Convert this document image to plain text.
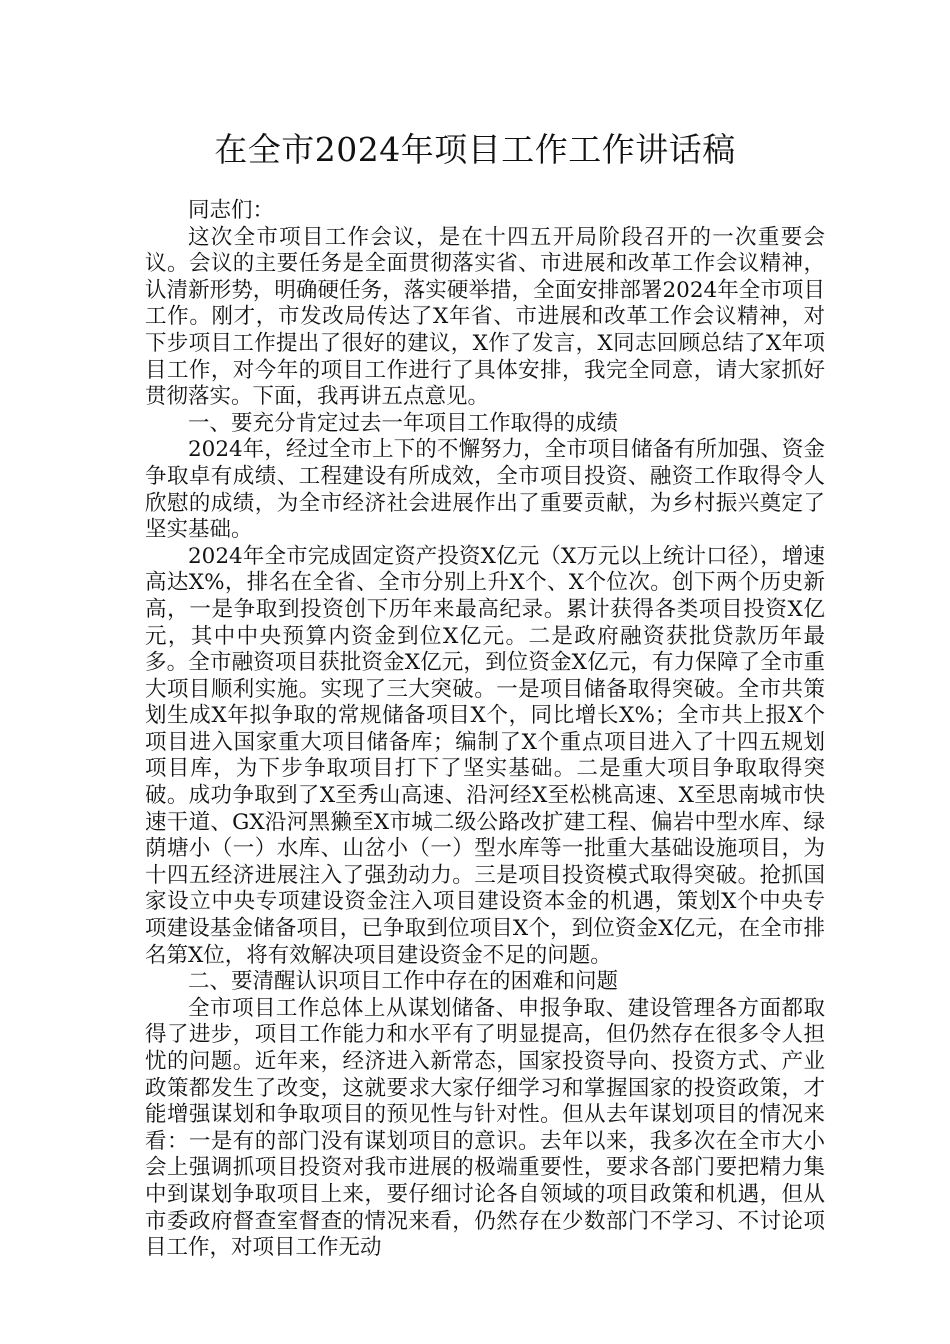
在全市2024年项目工作工作讲话稿

同志们：

这次全市项目工作会议，是在十四五开局阶段召开的一次重要会议。会议的主要任务是全面贯彻落实省、市进展和改革工作会议精神，认清新形势，明确硬任务，落实硬举措，全面安排部署2024年全市项目工作。刚才，市发改局传达了X年省、市进展和改革工作会议精神，对下步项目工作提出了很好的建议，X作了发言，X同志回顾总结了X年项目工作，对今年的项目工作进行了具体安排，我完全同意，请大家抓好贯彻落实。下面，我再讲五点意见。

一、要充分肯定过去一年项目工作取得的成绩

2024年，经过全市上下的不懈努力，全市项目储备有所加强、资金争取卓有成绩、工程建设有所成效，全市项目投资、融资工作取得令人欣慰的成绩，为全市经济社会进展作出了重要贡献，为乡村振兴奠定了坚实基础。

2024年全市完成固定资产投资X亿元（X万元以上统计口径），增速高达X%，排名在全省、全市分别上升X个、X个位次。创下两个历史新高，一是争取到投资创下历年来最高纪录。累计获得各类项目投资X亿元，其中中央预算内资金到位X亿元。二是政府融资获批贷款历年最多。全市融资项目获批资金X亿元，到位资金X亿元，有力保障了全市重大项目顺利实施。实现了三大突破。一是项目储备取得突破。全市共策划生成X年拟争取的常规储备项目X个，同比增长X%；全市共上报X个项目进入国家重大项目储备库；编制了X个重点项目进入了十四五规划项目库，为下步争取项目打下了坚实基础。二是重大项目争取取得突破。成功争取到了X至秀山高速、沿河经X至松桃高速、X至思南城市快速干道、GX沿河黑獭至X市城二级公路改扩建工程、偏岩中型水库、绿荫塘小（一）水库、山岔小（一）型水库等一批重大基础设施项目，为十四五经济进展注入了强劲动力。三是项目投资模式取得突破。抢抓国家设立中央专项建设资金注入项目建设资本金的机遇，策划X个中央专项建设基金储备项目，已争取到位项目X个，到位资金X亿元，在全市排名第X位，将有效解决项目建设资金不足的问题。

二、要清醒认识项目工作中存在的困难和问题

全市项目工作总体上从谋划储备、申报争取、建设管理各方面都取得了进步，项目工作能力和水平有了明显提高，但仍然存在很多令人担忧的问题。近年来，经济进入新常态，国家投资导向、投资方式、产业政策都发生了改变，这就要求大家仔细学习和掌握国家的投资政策，才能增强谋划和争取项目的预见性与针对性。但从去年谋划项目的情况来看：一是有的部门没有谋划项目的意识。去年以来，我多次在全市大小会上强调抓项目投资对我市进展的极端重要性，要求各部门要把精力集中到谋划争取项目上来，要仔细讨论各自领域的项目政策和机遇，但从市委政府督查室督查的情况来看，仍然存在少数部门不学习、不讨论项目工作，对项目工作无动
